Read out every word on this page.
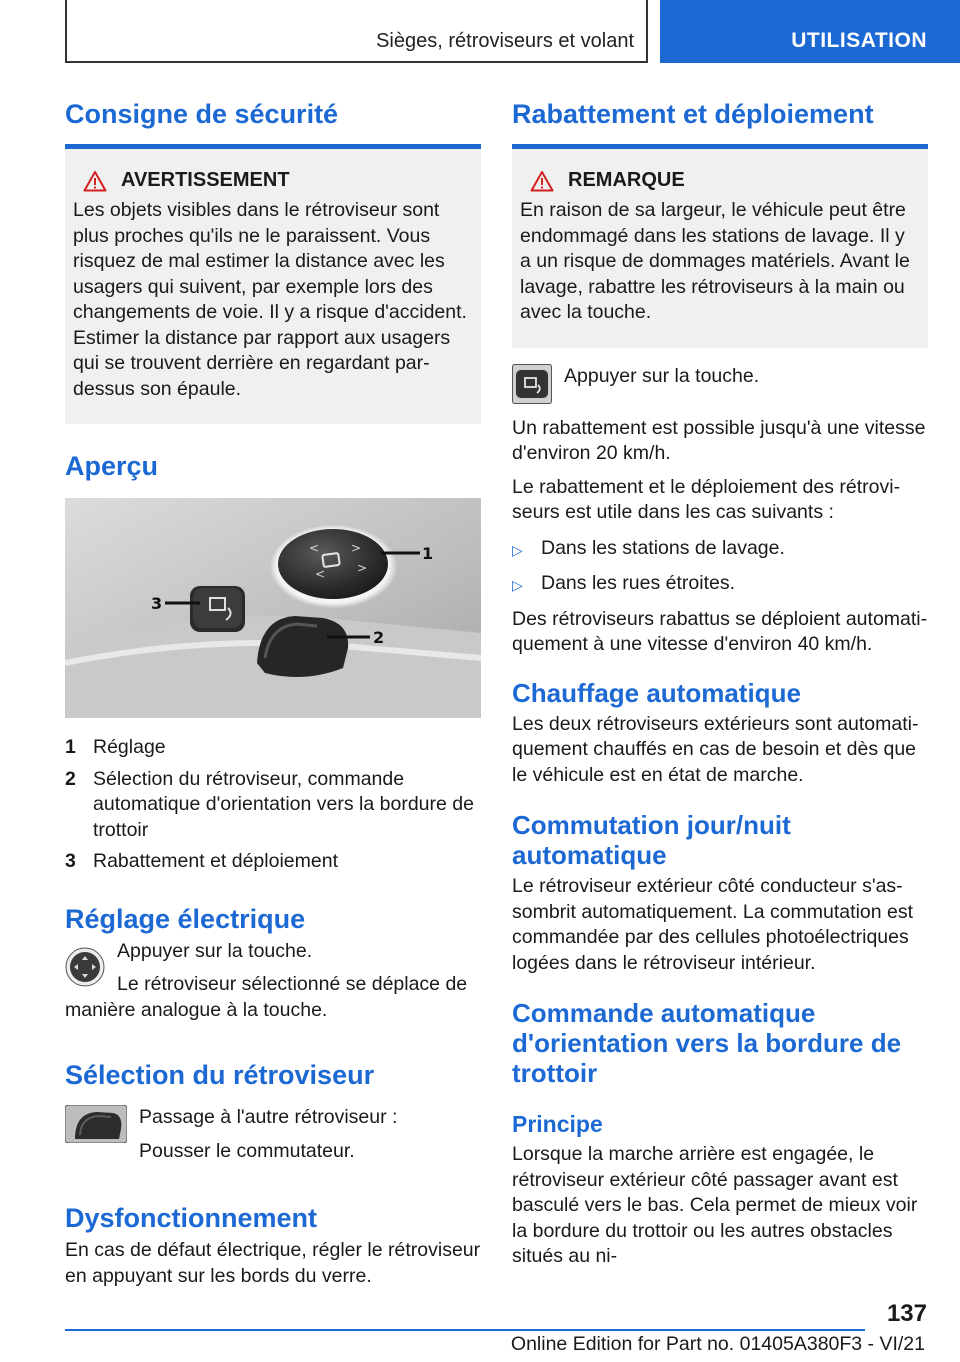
Sièges, rétroviseurs et volant	UTILISATION
Consigne de sécurité
AVERTISSEMENT

Les objets visibles dans le rétroviseur sont plus proches qu'ils ne le paraissent. Vous risquez de mal estimer la distance avec les usagers qui suivent, par exemple lors des changements de voie. Il y a risque d'accident. Estimer la distance par rapport aux usagers qui se trouvent derrière en regardant par-dessus son épaule.

Aperçu
<	>
<	>
1
2
3
1 Réglage
2 Sélection du rétroviseur, commande automatique d'orientation vers la bordure de trottoir
3 Rabattement et déploiement
Réglage électrique

Appuyer sur la touche.

Le rétroviseur sélectionné se déplace de manière analogue à la touche.

Sélection du rétroviseur

Passage à l'autre rétroviseur :

Pousser le commutateur.

Dysfonctionnement

En cas de défaut électrique, régler le rétroviseur en appuyant sur les bords du verre.

Rabattement et déploiement
REMARQUE

En raison de sa largeur, le véhicule peut être endommagé dans les stations de lavage. Il y a un risque de dommages matériels. Avant le lavage, rabattre les rétroviseurs à la main ou avec la touche.

Appuyer sur la touche.

Un rabattement est possible jusqu'à une vitesse d'environ 20 km/h.

Le rabattement et le déploiement des rétroviseurs est utile dans les cas suivants :

▷ Dans les stations de lavage.
▷ Dans les rues étroites.

Des rétroviseurs rabattus se déploient automatiquement à une vitesse d'environ 40 km/h.

Chauffage automatique

Les deux rétroviseurs extérieurs sont automatiquement chauffés en cas de besoin et dès que le véhicule est en état de marche.

Commutation jour/nuit automatique

Le rétroviseur extérieur côté conducteur s'assombrit automatiquement. La commutation est commandée par des cellules photoélectriques logées dans le rétroviseur intérieur.

Commande automatique d'orientation vers la bordure de trottoir
Principe

Lorsque la marche arrière est engagée, le rétroviseur extérieur côté passager avant est basculé vers le bas. Cela permet de mieux voir la bordure du trottoir ou les autres obstacles situés au ni-

137
Online Edition for Part no. 01405A380F3 - VI/21
